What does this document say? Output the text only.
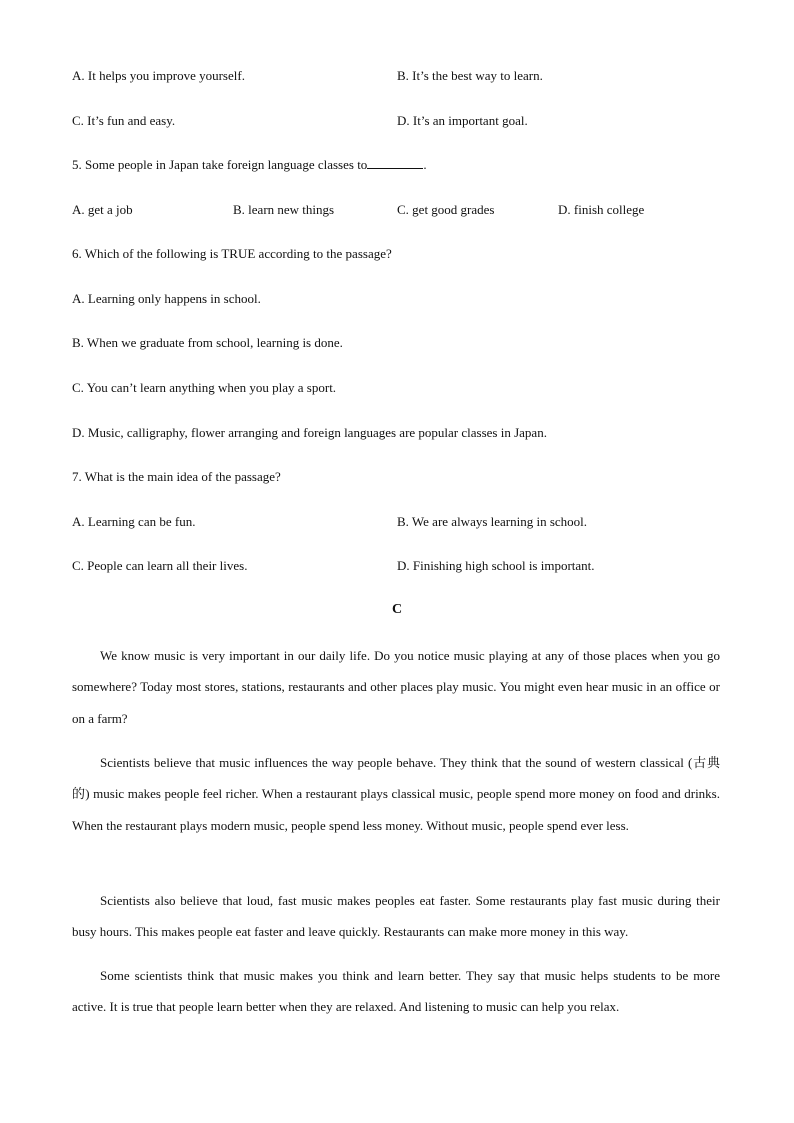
A. It helps you improve yourself.	B. It’s the best way to learn.
C. It’s fun and easy.	D. It’s an important goal.
5. Some people in Japan take foreign language classes to	.
A. get a job	B. learn new things	C. get good grades	D. finish college
6. Which of the following is TRUE according to the passage?
A. Learning only happens in school.
B. When we graduate from school, learning is done.
C. You can’t learn anything when you play a sport.
D. Music, calligraphy, flower arranging and foreign languages are popular classes in Japan.
7. What is the main idea of the passage?
A. Learning can be fun.	B. We are always learning in school.
C. People can learn all their lives.	D. Finishing high school is important.
C

We know music is very important in our daily life. Do you notice music playing at any of those places when you go somewhere? Today most stores, stations, restaurants and other places play music. You might even hear music in an office or on a farm?

Scientists believe that music influences the way people behave. They think that the sound of western classical (古典的) music makes people feel richer. When a restaurant plays classical music, people spend more money on food and drinks. When the restaurant plays modern music, people spend less money. Without music, people spend ever less.

Scientists also believe that loud, fast music makes peoples eat faster. Some restaurants play fast music during their busy hours. This makes people eat faster and leave quickly. Restaurants can make more money in this way.

Some scientists think that music makes you think and learn better. They say that music helps students to be more active. It is true that people learn better when they are relaxed. And listening to music can help you relax.
